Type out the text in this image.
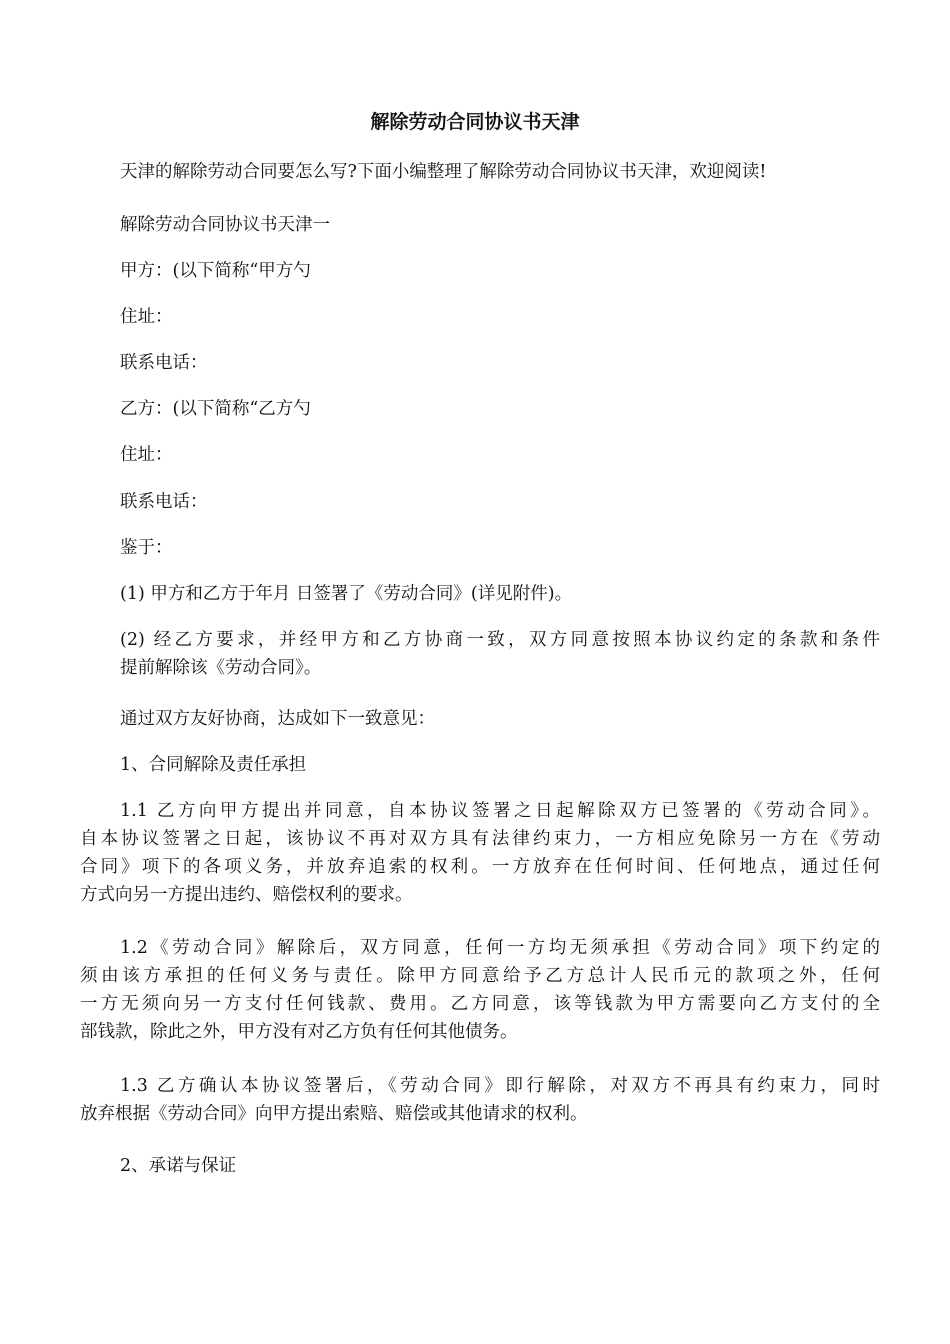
解除劳动合同协议书天津

天津的解除劳动合同要怎么写?下面小编整理了解除劳动合同协议书天津，欢迎阅读!

解除劳动合同协议书天津一

甲方：(以下简称“甲方勺

住址：

联系电话：

乙方：(以下简称“乙方勺

住址：

联系电话：

鉴于：

(1) 甲方和乙方于年月 日签署了《劳动合同》(详见附件)。

(2) 经乙方要求，并经甲方和乙方协商一致，双方同意按照本协议约定的条款和条件
提前解除该《劳动合同》。

通过双方友好协商，达成如下一致意见：

1、合同解除及责任承担

1.1 乙方向甲方提出并同意，自本协议签署之日起解除双方已签署的《劳动合同》。
自本协议签署之日起，该协议不再对双方具有法律约束力，一方相应免除另一方在《劳动
合同》项下的各项义务，并放弃追索的权利。一方放弃在任何时间、任何地点，通过任何
方式向另一方提出违约、赔偿权利的要求。
1.2《劳动合同》解除后，双方同意，任何一方均无须承担《劳动合同》项下约定的
须由该方承担的任何义务与责任。除甲方同意给予乙方总计人民币元的款项之外，任何
一方无须向另一方支付任何钱款、费用。乙方同意，该等钱款为甲方需要向乙方支付的全
部钱款，除此之外，甲方没有对乙方负有任何其他债务。
1.3 乙方确认本协议签署后，《劳动合同》即行解除，对双方不再具有约束力，同时
放弃根据《劳动合同》向甲方提出索赔、赔偿或其他请求的权利。

2、承诺与保证
